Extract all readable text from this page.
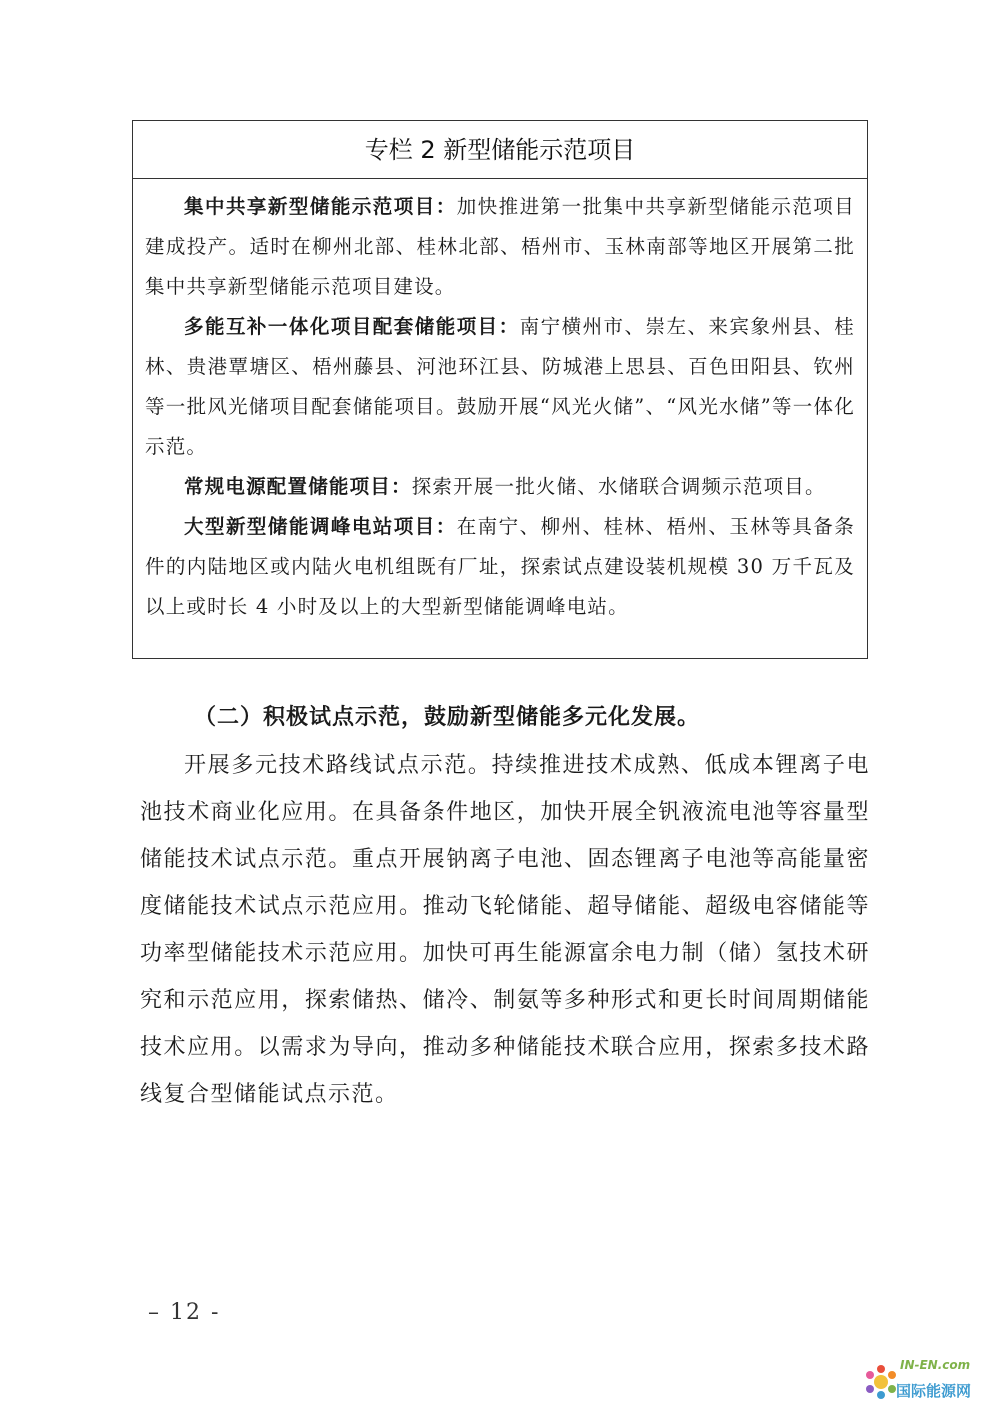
专栏 2 新型储能示范项目

集中共享新型储能示范项目：加快推进第一批集中共享新型储能示范项目建成投产。适时在柳州北部、桂林北部、梧州市、玉林南部等地区开展第二批集中共享新型储能示范项目建设。

多能互补一体化项目配套储能项目：南宁横州市、崇左、来宾象州县、桂林、贵港覃塘区、梧州藤县、河池环江县、防城港上思县、百色田阳县、钦州等一批风光储项目配套储能项目。鼓励开展“风光火储”、“风光水储”等一体化示范。

常规电源配置储能项目：探索开展一批火储、水储联合调频示范项目。

大型新型储能调峰电站项目：在南宁、柳州、桂林、梧州、玉林等具备条件的内陆地区或内陆火电机组既有厂址，探索试点建设装机规模 30 万千瓦及以上或时长 4 小时及以上的大型新型储能调峰电站。

（二）积极试点示范，鼓励新型储能多元化发展。

开展多元技术路线试点示范。持续推进技术成熟、低成本锂离子电池技术商业化应用。在具备条件地区，加快开展全钒液流电池等容量型储能技术试点示范。重点开展钠离子电池、固态锂离子电池等高能量密度储能技术试点示范应用。推动飞轮储能、超导储能、超级电容储能等功率型储能技术示范应用。加快可再生能源富余电力制（储）氢技术研究和示范应用，探索储热、储冷、制氨等多种形式和更长时间周期储能技术应用。以需求为导向，推动多种储能技术联合应用，探索多技术路线复合型储能试点示范。

– 12 -
IN-EN.com
国际能源网
